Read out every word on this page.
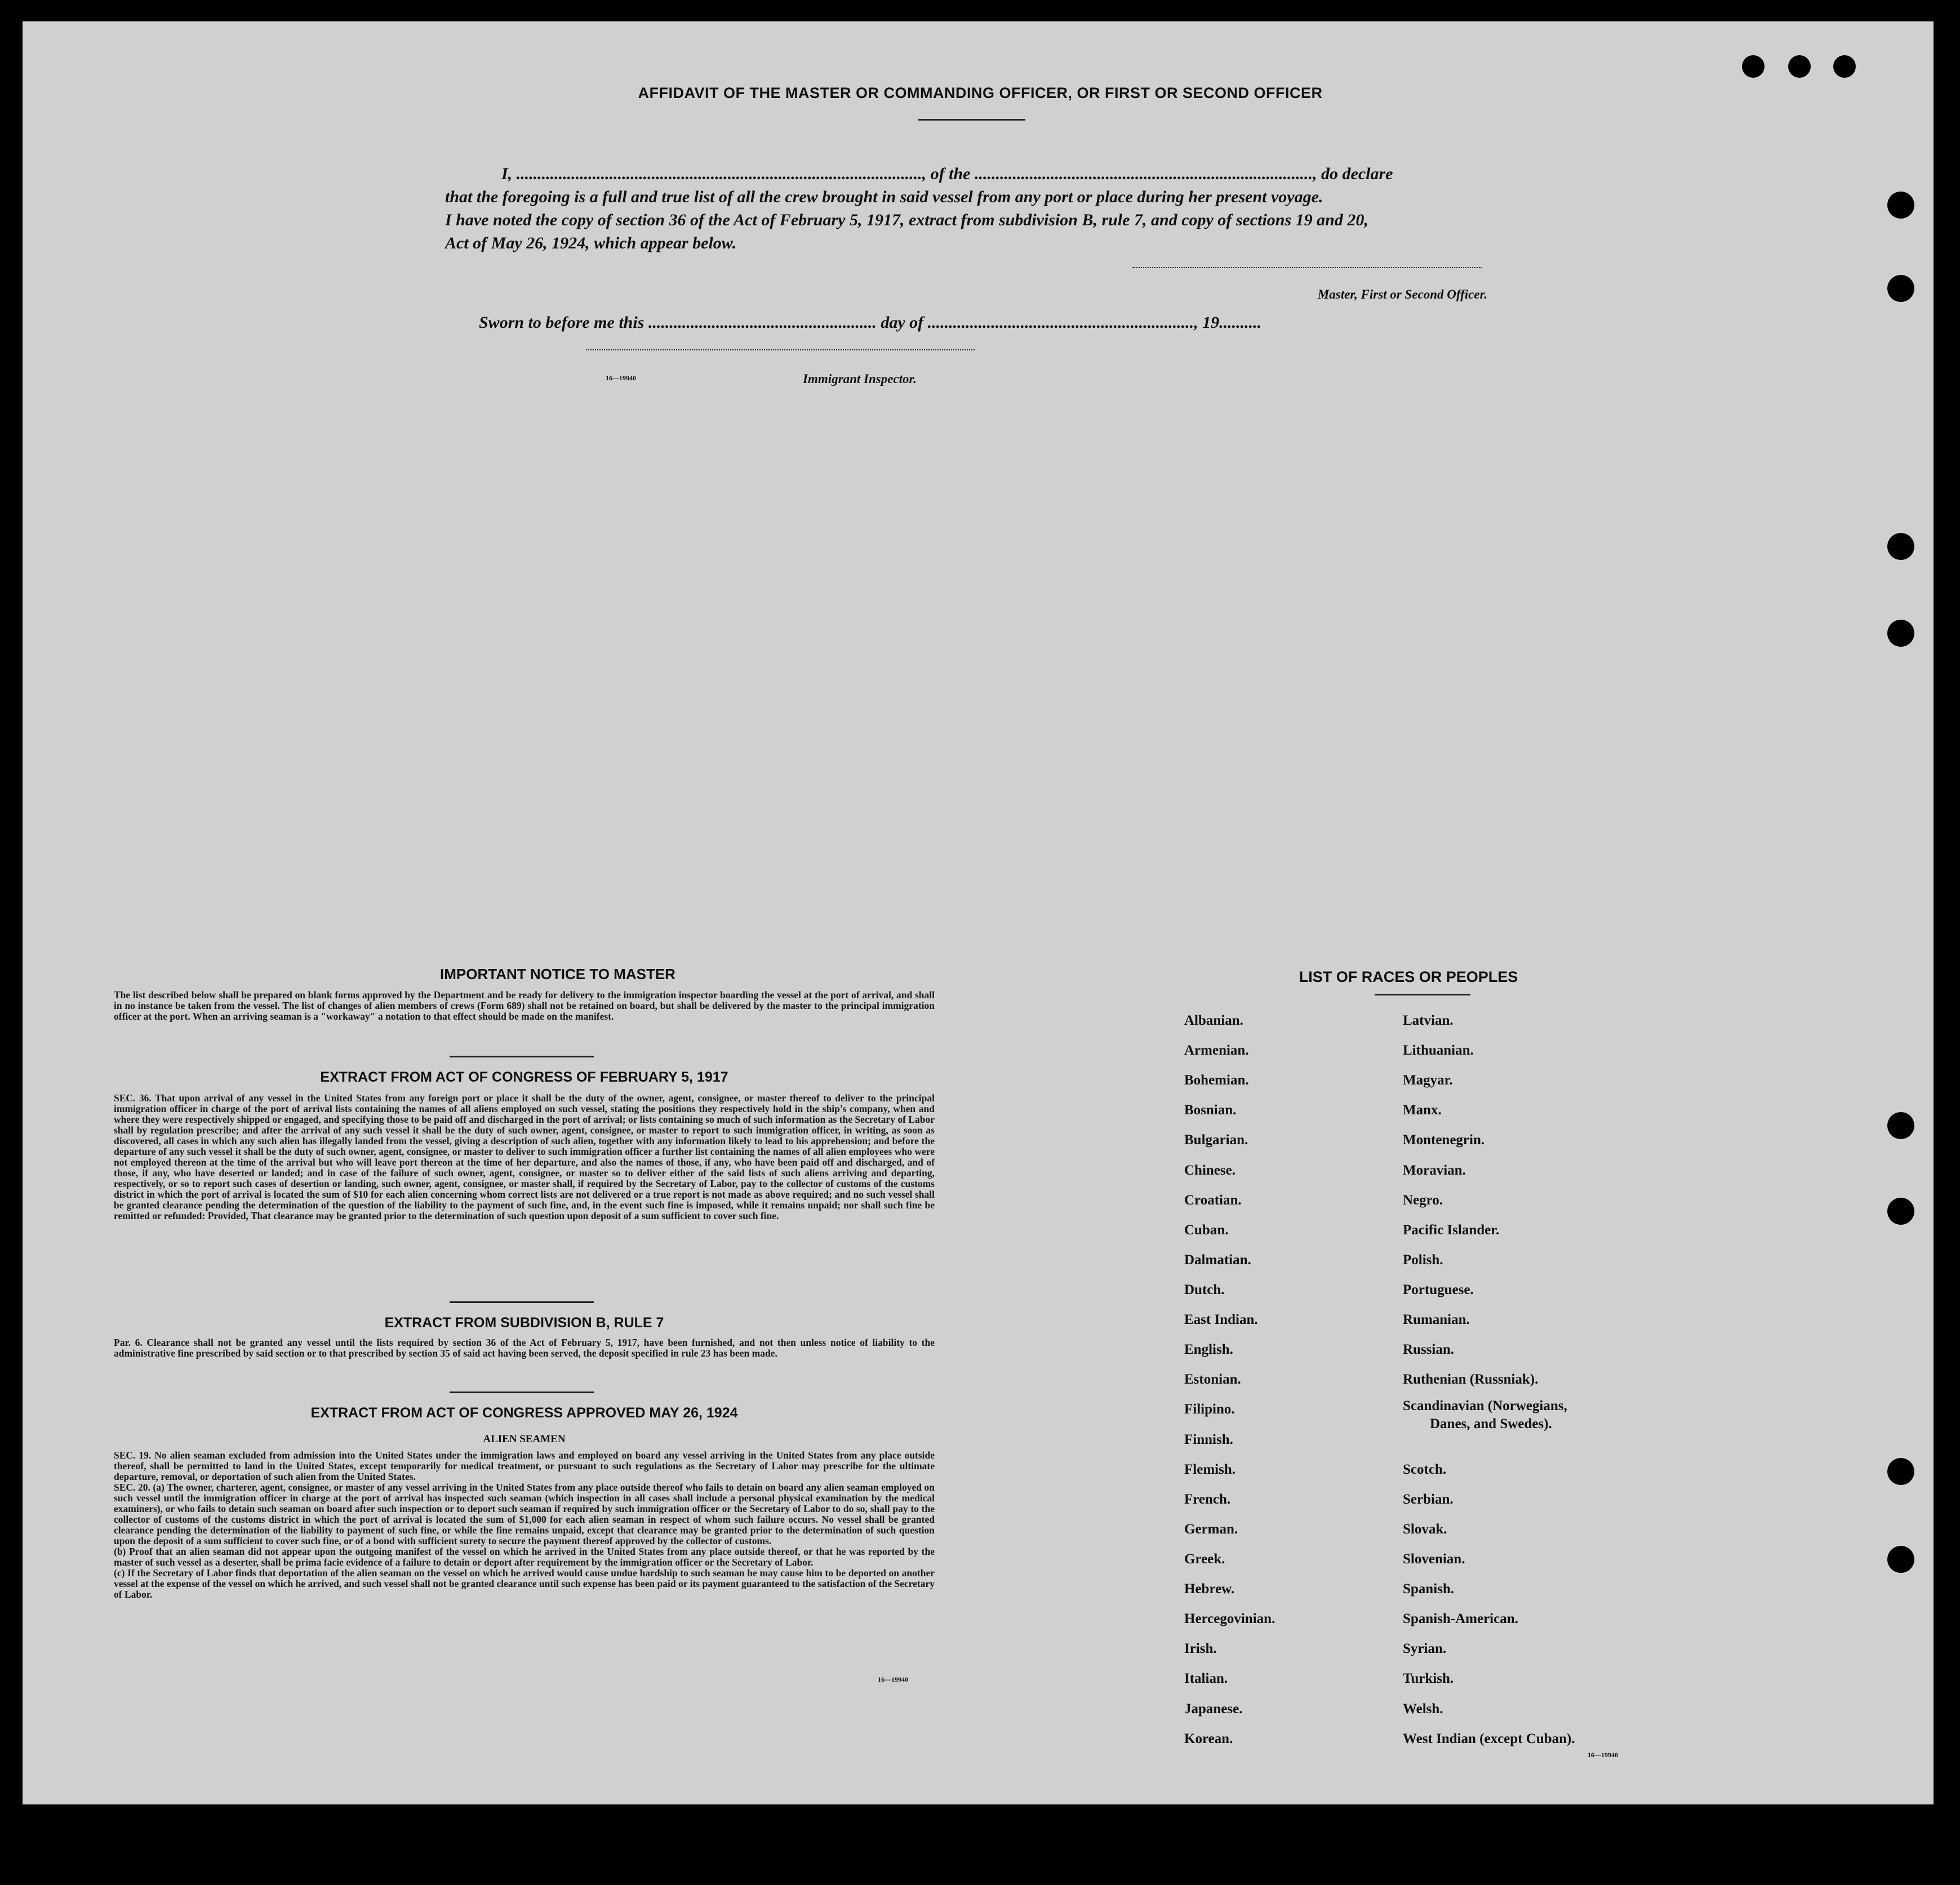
AFFIDAVIT OF THE MASTER OR COMMANDING OFFICER, OR FIRST OR SECOND OFFICER
I, ................................................................................................, of the ................................................................................, do declare
that the foregoing is a full and true list of all the crew brought in said vessel from any port or place during her present voyage.
I have noted the copy of section 36 of the Act of February 5, 1917, extract from subdivision B, rule 7, and copy of sections 19 and 20,
Act of May 26, 1924, which appear below.
Master, First or Second Officer.
Sworn to before me this ...................................................... day of ..............................................................., 19..........
16—19940	Immigrant Inspector.
IMPORTANT NOTICE TO MASTER
The list described below shall be prepared on blank forms approved by the Department and be ready for delivery to the immigration inspector boarding the vessel at the port of arrival, and shall in no instance be taken from the vessel. The list of changes of alien members of crews (Form 689) shall not be retained on board, but shall be delivered by the master to the principal immigration officer at the port. When an arriving seaman is a "workaway" a notation to that effect should be made on the manifest.
EXTRACT FROM ACT OF CONGRESS OF FEBRUARY 5, 1917
SEC. 36. That upon arrival of any vessel in the United States from any foreign port or place it shall be the duty of the owner, agent, consignee, or master thereof to deliver to the principal immigration officer in charge of the port of arrival lists containing the names of all aliens employed on such vessel, stating the positions they respectively hold in the ship's company, when and where they were respectively shipped or engaged, and specifying those to be paid off and discharged in the port of arrival; or lists containing so much of such information as the Secretary of Labor shall by regulation prescribe; and after the arrival of any such vessel it shall be the duty of such owner, agent, consignee, or master to report to such immigration officer, in writing, as soon as discovered, all cases in which any such alien has illegally landed from the vessel, giving a description of such alien, together with any information likely to lead to his apprehension; and before the departure of any such vessel it shall be the duty of such owner, agent, consignee, or master to deliver to such immigration officer a further list containing the names of all alien employees who were not employed thereon at the time of the arrival but who will leave port thereon at the time of her departure, and also the names of those, if any, who have been paid off and discharged, and of those, if any, who have deserted or landed; and in case of the failure of such owner, agent, consignee, or master so to deliver either of the said lists of such aliens arriving and departing, respectively, or so to report such cases of desertion or landing, such owner, agent, consignee, or master shall, if required by the Secretary of Labor, pay to the collector of customs of the customs district in which the port of arrival is located the sum of $10 for each alien concerning whom correct lists are not delivered or a true report is not made as above required; and no such vessel shall be granted clearance pending the determination of the question of the liability to the payment of such fine, and, in the event such fine is imposed, while it remains unpaid; nor shall such fine be remitted or refunded: Provided, That clearance may be granted prior to the determination of such question upon deposit of a sum sufficient to cover such fine.
EXTRACT FROM SUBDIVISION B, RULE 7
Par. 6. Clearance shall not be granted any vessel until the lists required by section 36 of the Act of February 5, 1917, have been furnished, and not then unless notice of liability to the administrative fine prescribed by said section or to that prescribed by section 35 of said act having been served, the deposit specified in rule 23 has been made.
EXTRACT FROM ACT OF CONGRESS APPROVED MAY 26, 1924
ALIEN SEAMEN
SEC. 19. No alien seaman excluded from admission into the United States under the immigration laws and employed on board any vessel arriving in the United States from any place outside thereof, shall be permitted to land in the United States, except temporarily for medical treatment, or pursuant to such regulations as the Secretary of Labor may prescribe for the ultimate departure, removal, or deportation of such alien from the United States.
SEC. 20. (a) The owner, charterer, agent, consignee, or master of any vessel arriving in the United States from any place outside thereof who fails to detain on board any alien seaman employed on such vessel until the immigration officer in charge at the port of arrival has inspected such seaman (which inspection in all cases shall include a personal physical examination by the medical examiners), or who fails to detain such seaman on board after such inspection or to deport such seaman if required by such immigration officer or the Secretary of Labor to do so, shall pay to the collector of customs of the customs district in which the port of arrival is located the sum of $1,000 for each alien seaman in respect of whom such failure occurs. No vessel shall be granted clearance pending the determination of the liability to payment of such fine, or while the fine remains unpaid, except that clearance may be granted prior to the determination of such question upon the deposit of a sum sufficient to cover such fine, or of a bond with sufficient surety to secure the payment thereof approved by the collector of customs.
(b) Proof that an alien seaman did not appear upon the outgoing manifest of the vessel on which he arrived in the United States from any place outside thereof, or that he was reported by the master of such vessel as a deserter, shall be prima facie evidence of a failure to detain or deport after requirement by the immigration officer or the Secretary of Labor.
(c) If the Secretary of Labor finds that deportation of the alien seaman on the vessel on which he arrived would cause undue hardship to such seaman he may cause him to be deported on another vessel at the expense of the vessel on which he arrived, and such vessel shall not be granted clearance until such expense has been paid or its payment guaranteed to the satisfaction of the Secretary of Labor.
16—19940
LIST OF RACES OR PEOPLES
Albanian.
Armenian.
Bohemian.
Bosnian.
Bulgarian.
Chinese.
Croatian.
Cuban.
Dalmatian.
Dutch.
East Indian.
English.
Estonian.
Filipino.
Finnish.
Flemish.
French.
German.
Greek.
Hebrew.
Hercegovinian.
Irish.
Italian.
Japanese.
Korean.
Latvian.
Lithuanian.
Magyar.
Manx.
Montenegrin.
Moravian.
Negro.
Pacific Islander.
Polish.
Portuguese.
Rumanian.
Russian.
Ruthenian (Russniak).
Scandinavian (Norwegians,
Danes, and Swedes).
Scotch.
Serbian.
Slovak.
Slovenian.
Spanish.
Spanish-American.
Syrian.
Turkish.
Welsh.
West Indian (except Cuban).
16—19940
